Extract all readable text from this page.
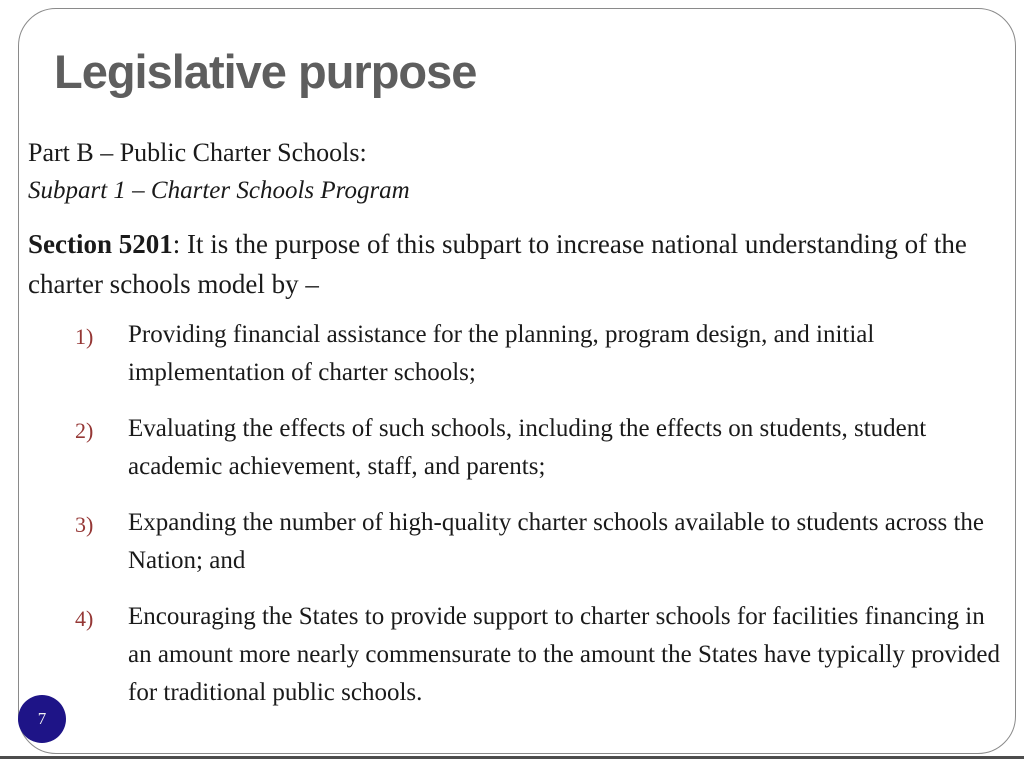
Legislative purpose
Part B – Public Charter Schools:
Subpart 1 – Charter Schools Program

Section 5201: It is the purpose of this subpart to increase national understanding of the charter schools model by –

1)	Providing financial assistance for the planning, program design, and initial implementation of charter schools;
2)	Evaluating the effects of such schools, including the effects on students, student academic achievement, staff, and parents;
3)	Expanding the number of high-quality charter schools available to students across the Nation; and
4)	Encouraging the States to provide support to charter schools for facilities financing in an amount more nearly commensurate to the amount the States have typically provided for traditional public schools.
7
